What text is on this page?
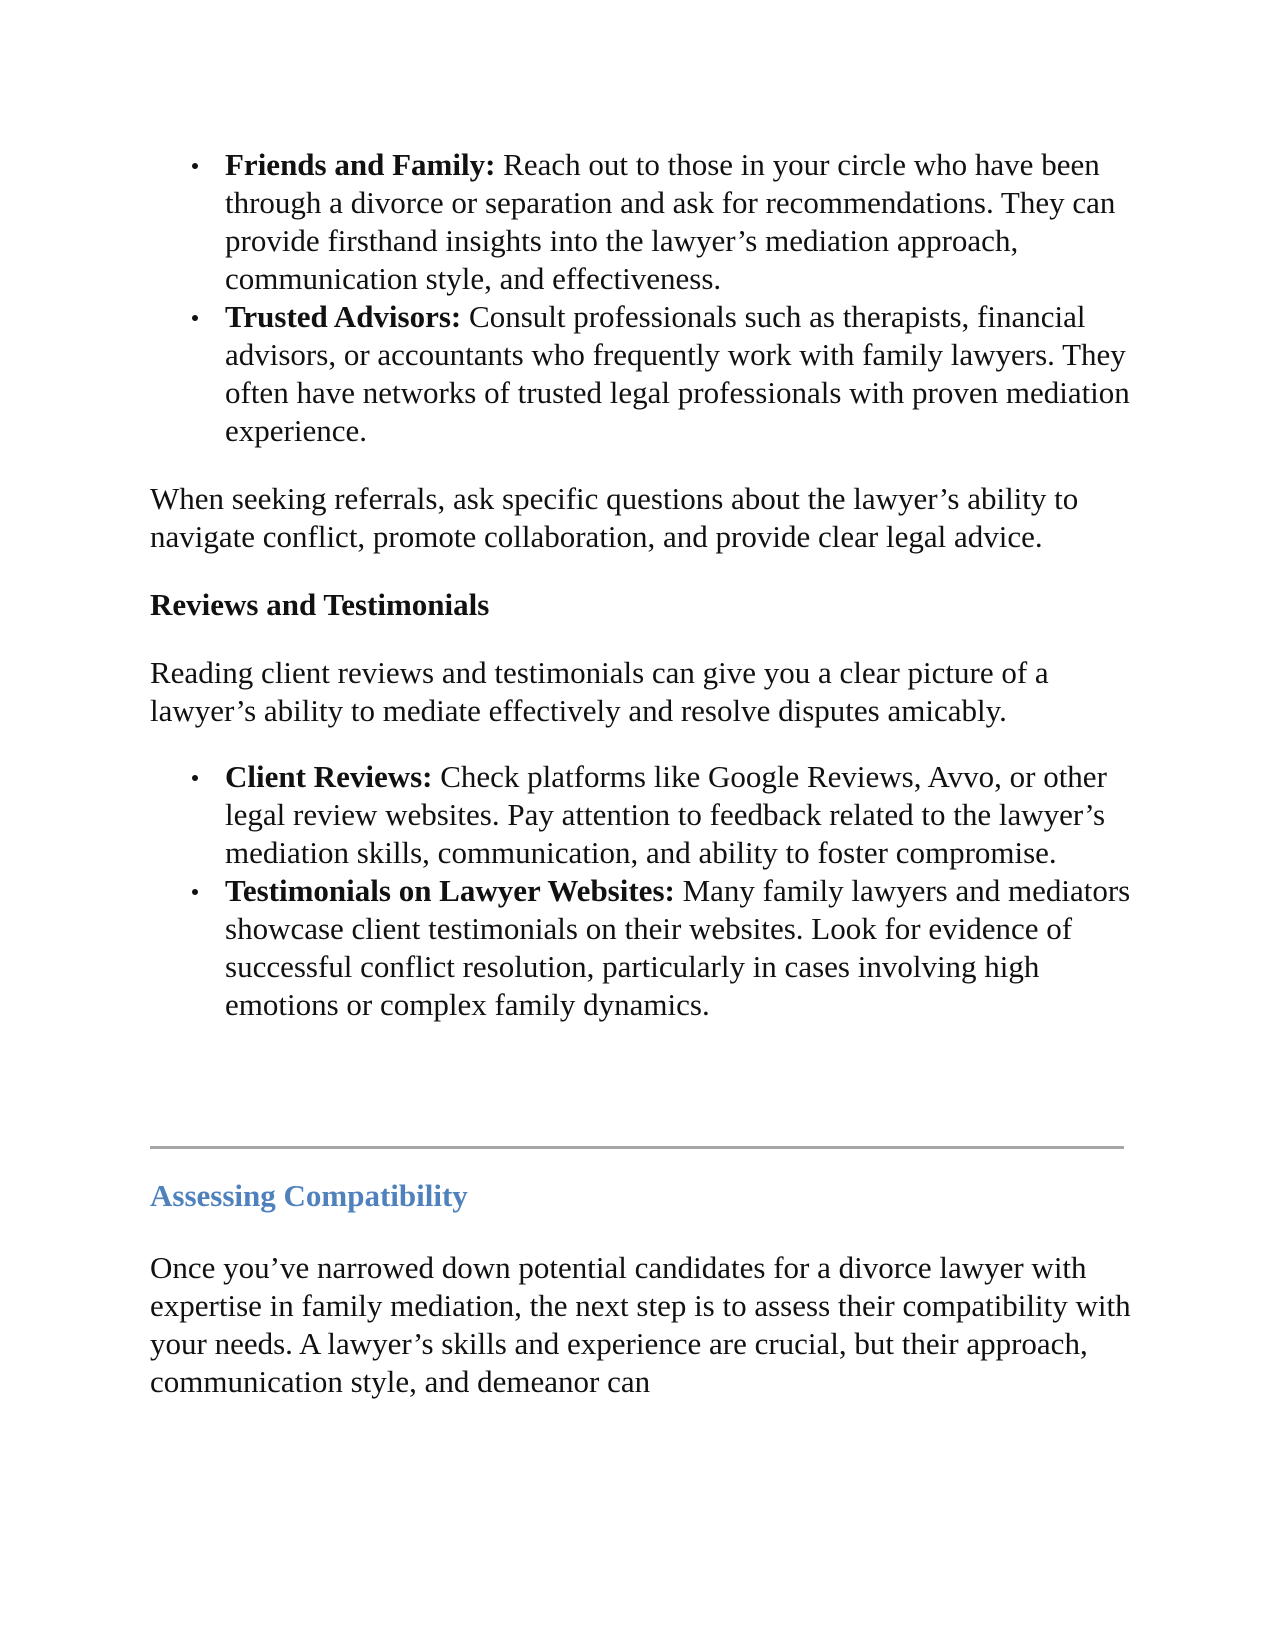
Friends and Family: Reach out to those in your circle who have been through a divorce or separation and ask for recommendations. They can provide firsthand insights into the lawyer’s mediation approach, communication style, and effectiveness.
Trusted Advisors: Consult professionals such as therapists, financial advisors, or accountants who frequently work with family lawyers. They often have networks of trusted legal professionals with proven mediation experience.

When seeking referrals, ask specific questions about the lawyer’s ability to navigate conflict, promote collaboration, and provide clear legal advice.

Reviews and Testimonials

Reading client reviews and testimonials can give you a clear picture of a lawyer’s ability to mediate effectively and resolve disputes amicably.

Client Reviews: Check platforms like Google Reviews, Avvo, or other legal review websites. Pay attention to feedback related to the lawyer’s mediation skills, communication, and ability to foster compromise.
Testimonials on Lawyer Websites: Many family lawyers and mediators showcase client testimonials on their websites. Look for evidence of successful conflict resolution, particularly in cases involving high emotions or complex family dynamics.

Assessing Compatibility

Once you’ve narrowed down potential candidates for a divorce lawyer with expertise in family mediation, the next step is to assess their compatibility with your needs. A lawyer’s skills and experience are crucial, but their approach, communication style, and demeanor can
